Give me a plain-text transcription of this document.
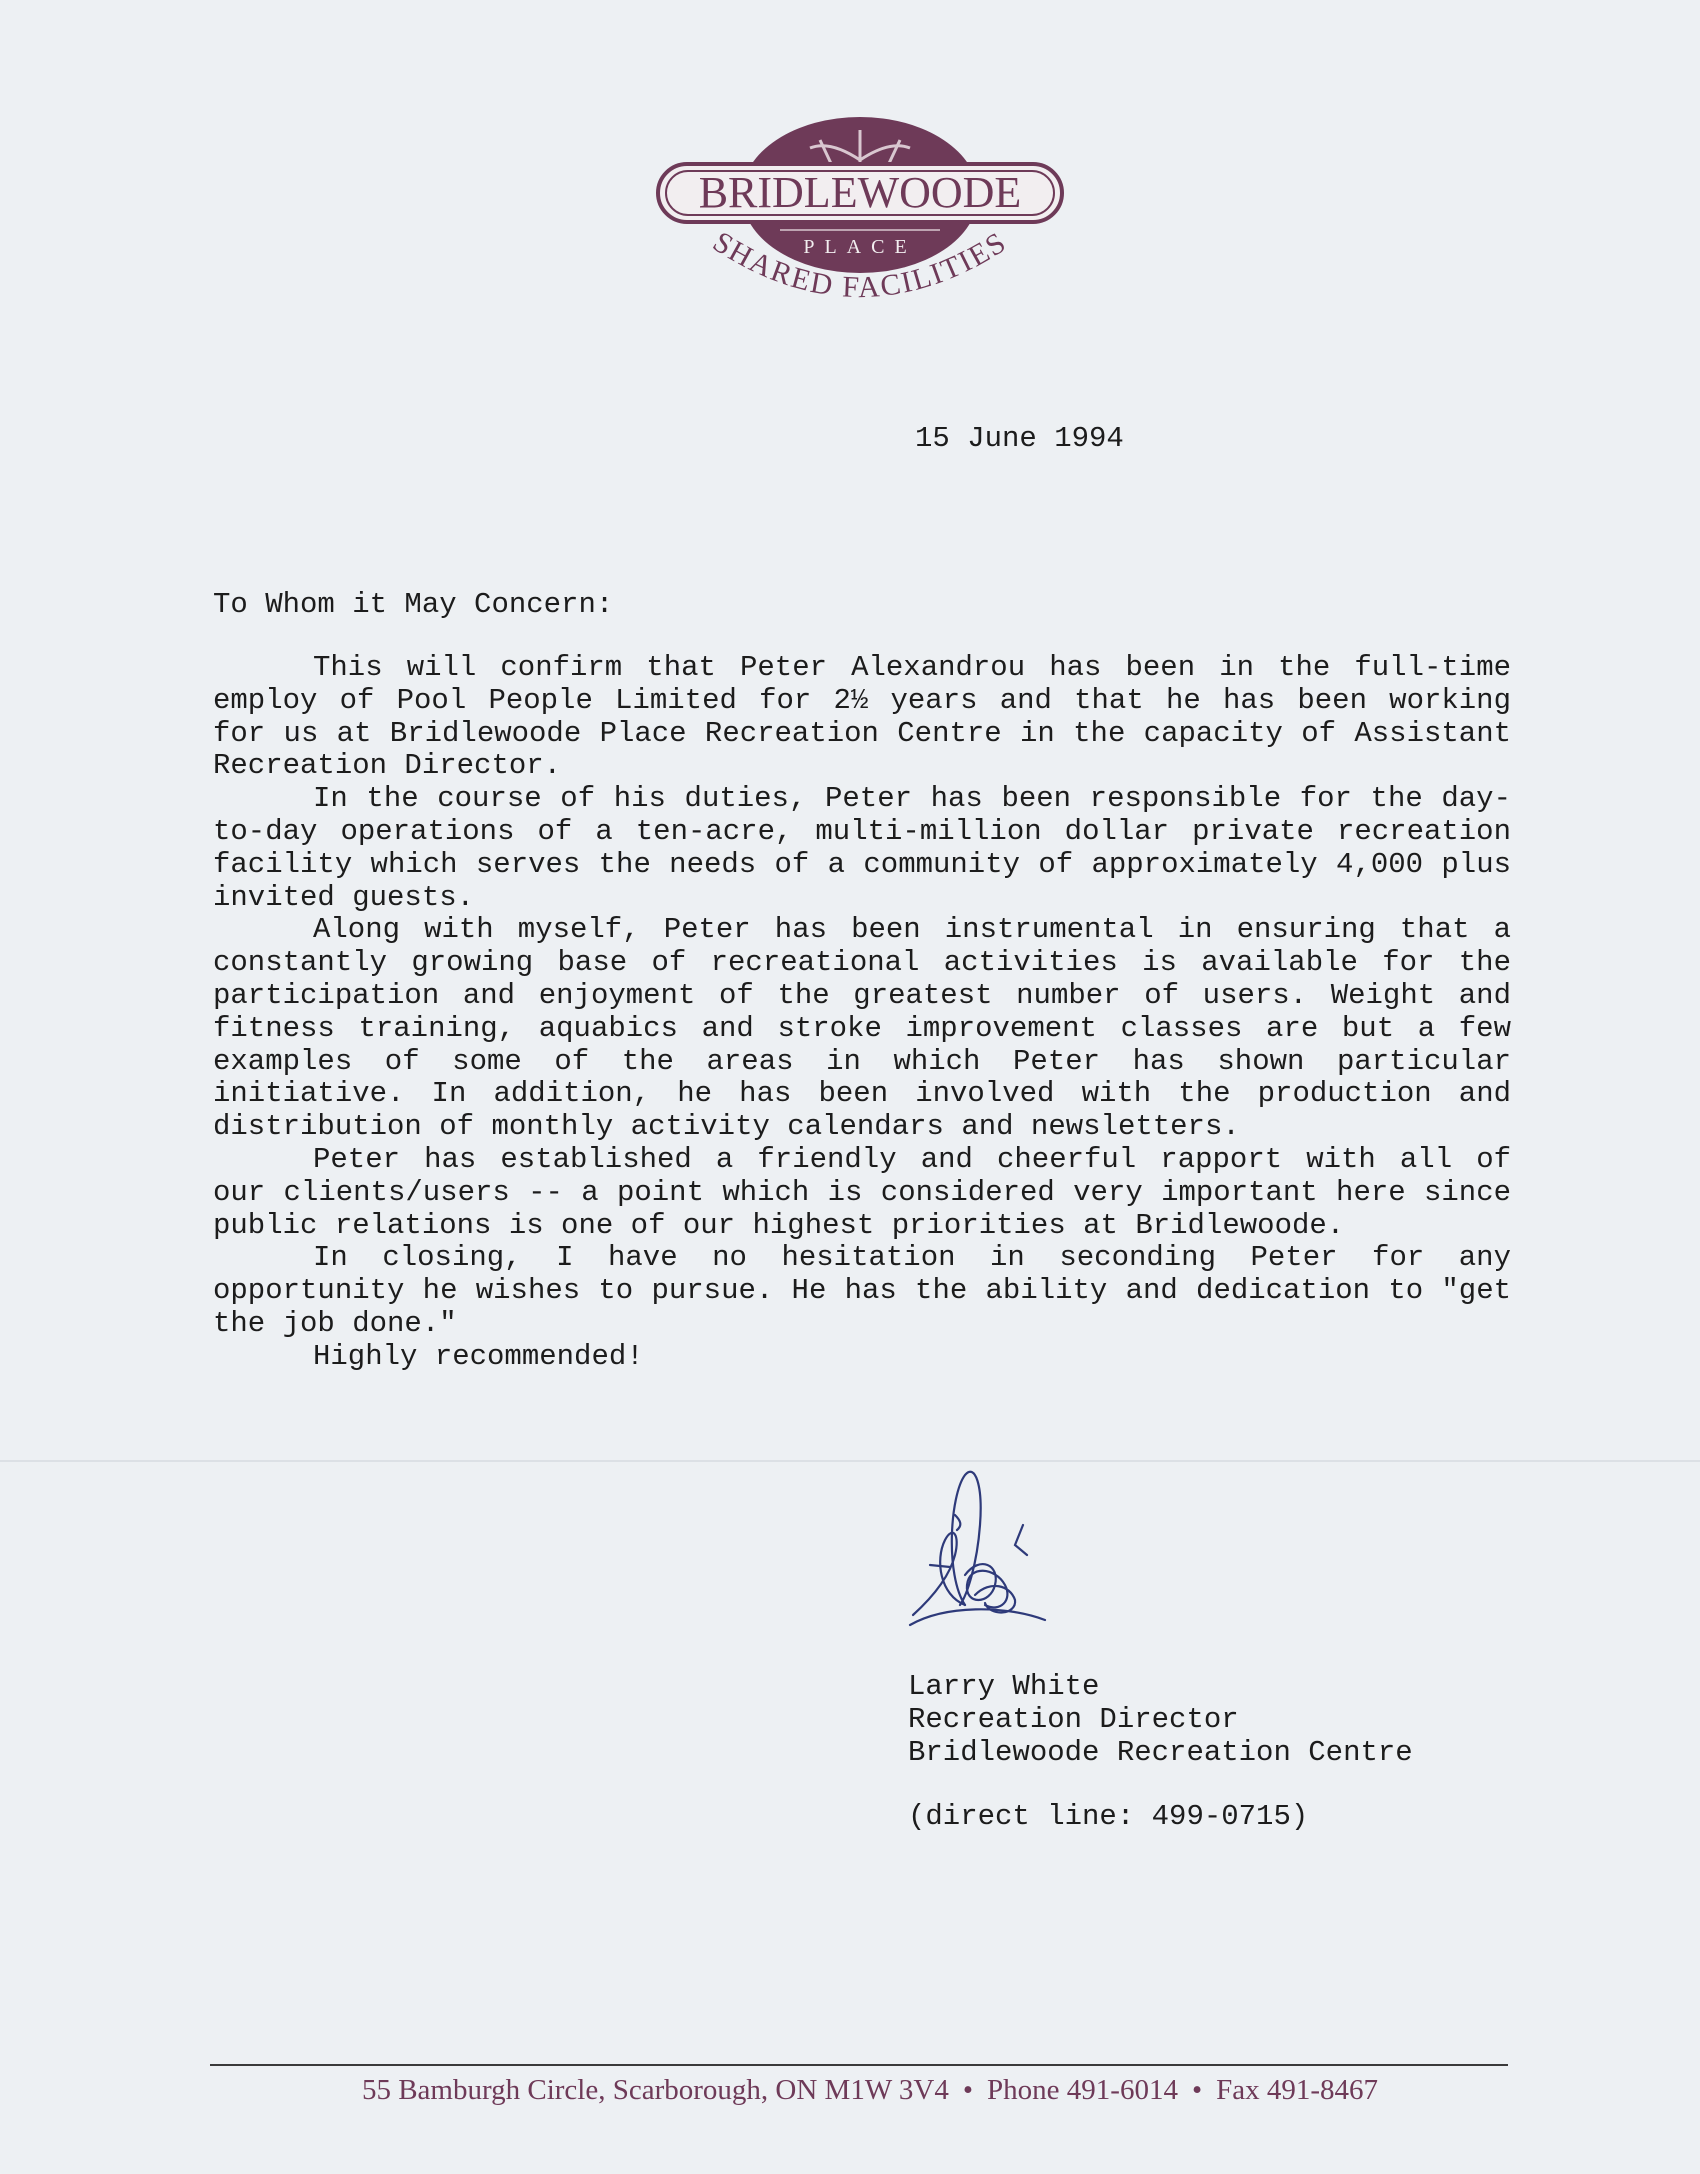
BRIDLEWOODE
PLACE
SHARED FACILITIES
15 June 1994
To Whom it May Concern:

This will confirm that Peter Alexandrou has been in the full-time employ of Pool People Limited for 2½ years and that he has been working for us at Bridlewoode Place Recreation Centre in the capacity of Assistant Recreation Director.

In the course of his duties, Peter has been responsible for the day-to-day operations of a ten-acre, multi-million dollar private recreation facility which serves the needs of a community of approximately 4,000 plus invited guests.

Along with myself, Peter has been instrumental in ensuring that a constantly growing base of recreational activities is available for the participation and enjoyment of the greatest number of users. Weight and fitness training, aquabics and stroke improvement classes are but a few examples of some of the areas in which Peter has shown particular initiative. In addition, he has been involved with the production and distribution of monthly activity calendars and newsletters.

Peter has established a friendly and cheerful rapport with all of our clients/users -- a point which is considered very important here since public relations is one of our highest priorities at Bridlewoode.

In closing, I have no hesitation in seconding Peter for any opportunity he wishes to pursue. He has the ability and dedication to "get the job done."

Highly recommended!

Larry White
Recreation Director
Bridlewoode Recreation Centre
(direct line: 499-0715)
55 Bamburgh Circle, Scarborough, ON M1W 3V4 • Phone 491-6014 • Fax 491-8467
